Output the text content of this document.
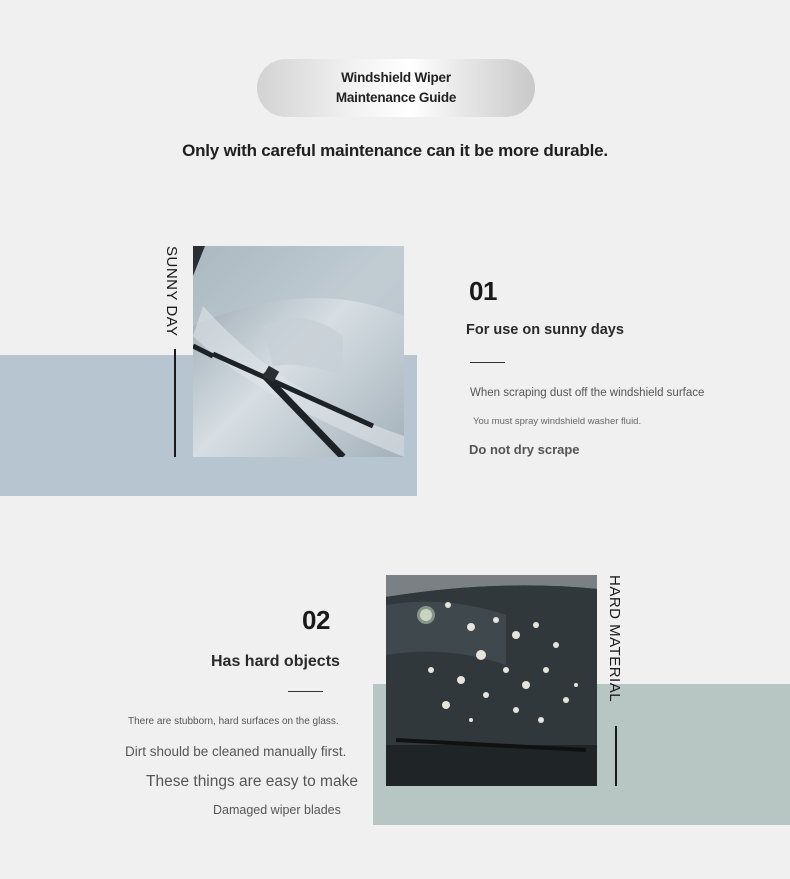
Windshield Wiper Maintenance Guide
Only with careful maintenance can it be more durable.
SUNNY DAY	01
For use on sunny days
When scraping dust off the windshield surface
You must spray windshield washer fluid.
Do not dry scrape
HARD MATERIAL
02
Has hard objects
There are stubborn, hard surfaces on the glass.
Dirt should be cleaned manually first.
These things are easy to make
Damaged wiper blades
